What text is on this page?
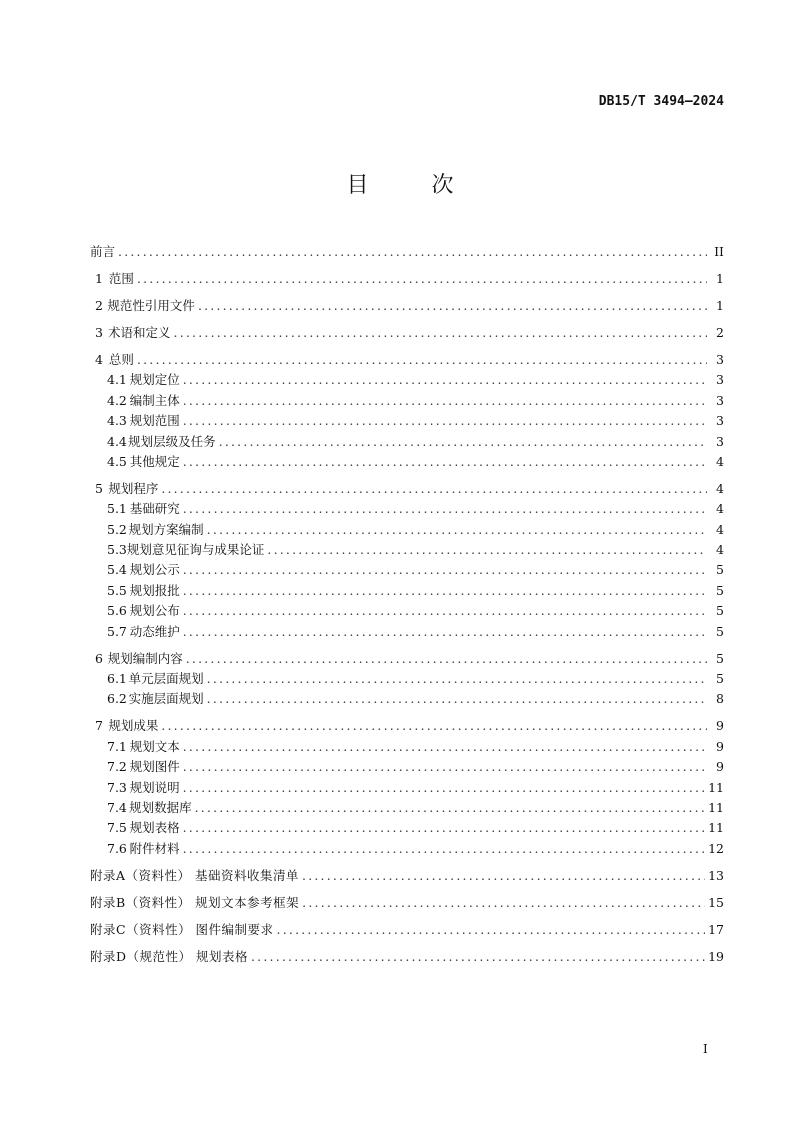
DB15/T 3494—2024
目 次
前言 .....	II
1 范围 .....	1
2 规范性引用文件 .....	1
3 术语和定义 .....	2
4 总则 .....	3
4.1 规划定位 .....	3
4.2 编制主体 .....	3
4.3 规划范围 .....	3
4.4 规划层级及任务 .....	3
4.5 其他规定 .....	4
5 规划程序 .....	4
5.1 基础研究 .....	4
5.2 规划方案编制 .....	4
5.3 规划意见征询与成果论证 .....	4
5.4 规划公示 .....	5
5.5 规划报批 .....	5
5.6 规划公布 .....	5
5.7 动态维护 .....	5
6 规划编制内容 .....	5
6.1 单元层面规划 .....	5
6.2 实施层面规划 .....	8
7 规划成果 .....	9
7.1 规划文本 .....	9
7.2 规划图件 .....	9
7.3 规划说明 .....	11
7.4 规划数据库 .....	11
7.5 规划表格 .....	11
7.6 附件材料 .....	12
附录A（资料性） 基础资料收集清单 .....	13
附录B（资料性） 规划文本参考框架 .....	15
附录C（资料性） 图件编制要求 .....	17
附录D（规范性） 规划表格 .....	19
I
